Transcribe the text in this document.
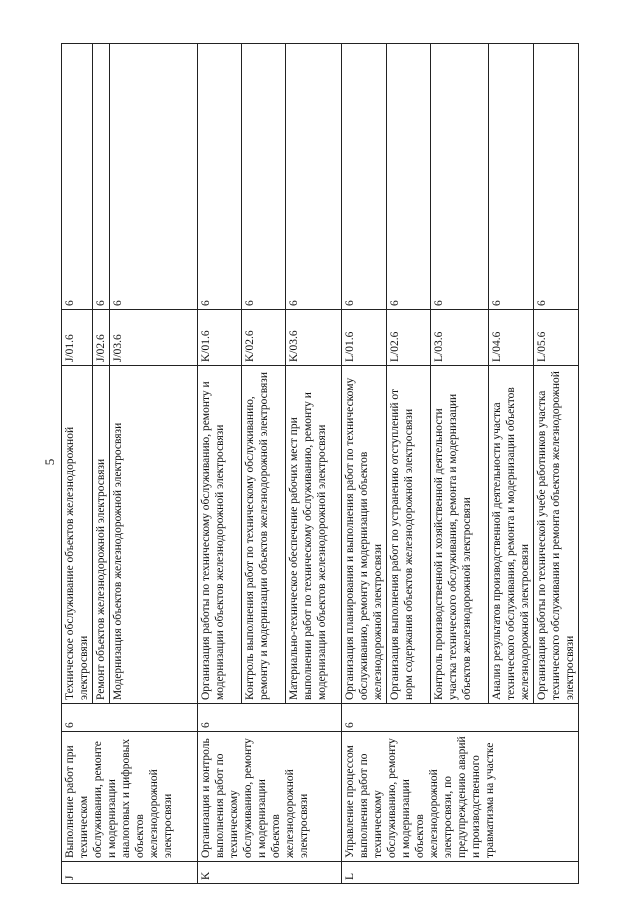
5
J	Выполнение работ при техническом обслуживании, ремонте и модернизации аналоговых и цифровых объектов железнодорожной электросвязи	6	Техническое обслуживание объектов железнодорожной электросвязи	J/01.6	6
			Ремонт объектов железнодорожной электросвязи	J/02.6	6
			Модернизация объектов железнодорожной электросвязи	J/03.6	6
K	Организация и контроль выполнения работ по техническому обслуживанию, ремонту и модернизации объектов железнодорожной электросвязи	6	Организация работы по техническому обслуживанию, ремонту и модернизации объектов железнодорожной электросвязи	K/01.6	6
			Контроль выполнения работ по техническому обслуживанию, ремонту и модернизации объектов железнодорожной электросвязи	K/02.6	6
			Материально-техническое обеспечение рабочих мест при выполнении работ по техническому обслуживанию, ремонту и модернизации объектов железнодорожной электросвязи	K/03.6	6
L	Управление процессом выполнения работ по техническому обслуживанию, ремонту и модернизации объектов железнодорожной электросвязи, по предупреждению аварий и производственного травматизма на участке	6	Организация планирования и выполнения работ по техническому обслуживанию, ремонту и модернизации объектов железнодорожной электросвязи	L/01.6	6
			Организация выполнения работ по устранению отступлений от норм содержания объектов железнодорожной электросвязи	L/02.6	6
			Контроль производственной и хозяйственной деятельности участка технического обслуживания, ремонта и модернизации объектов железнодорожной электросвязи	L/03.6	6
			Анализ результатов производственной деятельности участка технического обслуживания, ремонта и модернизации объектов железнодорожной электросвязи	L/04.6	6
			Организация работы по технической учебе работников участка технического обслуживания и ремонта объектов железнодорожной электросвязи	L/05.6	6
